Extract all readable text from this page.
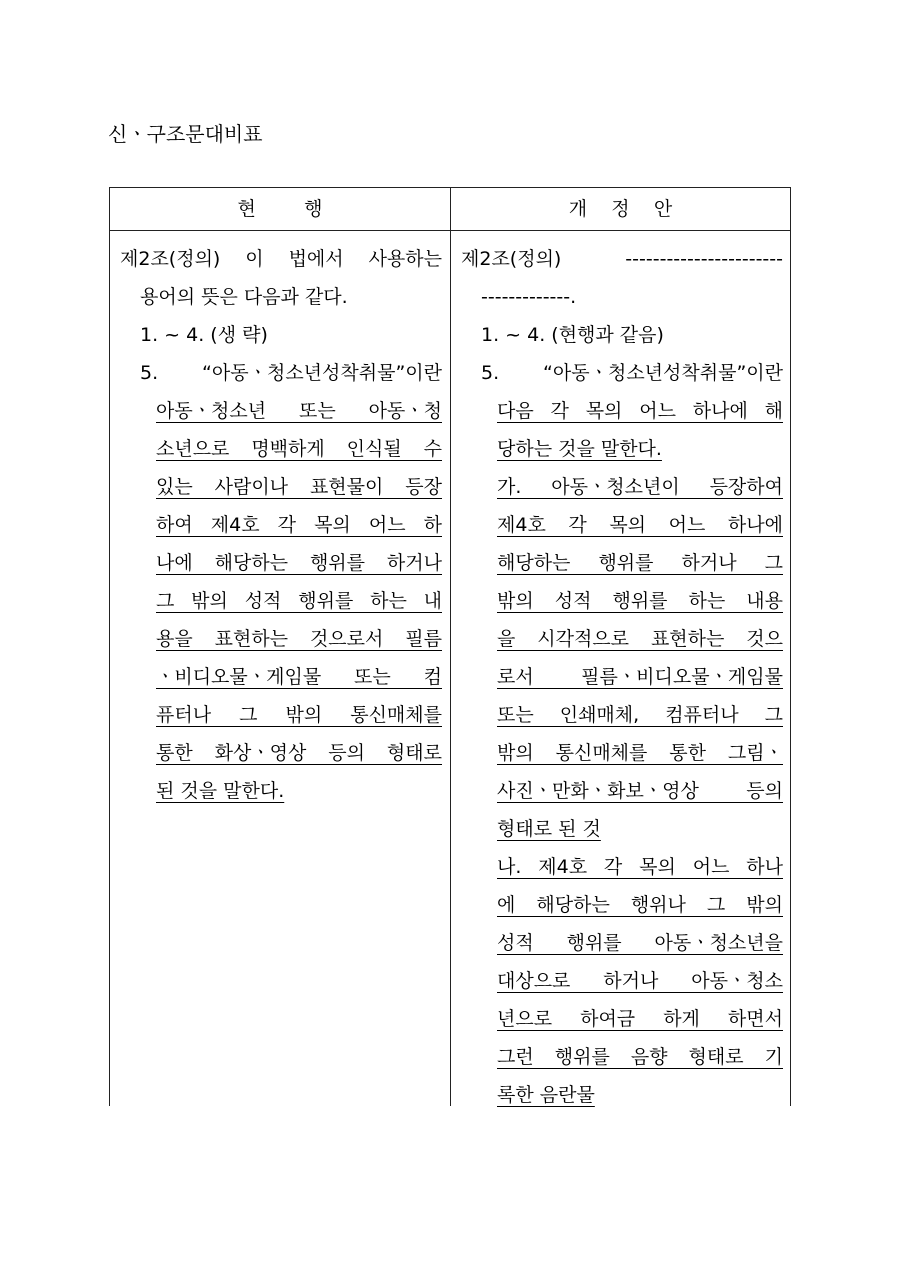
신ㆍ구조문대비표
현        행	개    정    안
제2조(정의) 이 법에서 사용하는
용어의 뜻은 다음과 같다.
1. ~ 4. (생 략)
5. “아동ㆍ청소년성착취물”이란
아동ㆍ청소년 또는 아동ㆍ청
소년으로 명백하게 인식될 수
있는 사람이나 표현물이 등장
하여 제4호 각 목의 어느 하
나에 해당하는 행위를 하거나
그 밖의 성적 행위를 하는 내
용을 표현하는 것으로서 필름
ㆍ비디오물ㆍ게임물 또는 컴
퓨터나 그 밖의 통신매체를
통한 화상ㆍ영상 등의 형태로
된 것을 말한다.
제2조(정의) -----------------------
-------------.
1. ~ 4. (현행과 같음)
5. “아동ㆍ청소년성착취물”이란
다음 각 목의 어느 하나에 해
당하는 것을 말한다.
가. 아동ㆍ청소년이 등장하여
제4호 각 목의 어느 하나에
해당하는 행위를 하거나 그
밖의 성적 행위를 하는 내용
을 시각적으로 표현하는 것으
로서 필름ㆍ비디오물ㆍ게임물
또는 인쇄매체, 컴퓨터나 그
밖의 통신매체를 통한 그림ㆍ
사진ㆍ만화ㆍ화보ㆍ영상 등의
형태로 된 것
나. 제4호 각 목의 어느 하나
에 해당하는 행위나 그 밖의
성적 행위를 아동ㆍ청소년을
대상으로 하거나 아동ㆍ청소
년으로 하여금 하게 하면서
그런 행위를 음향 형태로 기
록한 음란물
